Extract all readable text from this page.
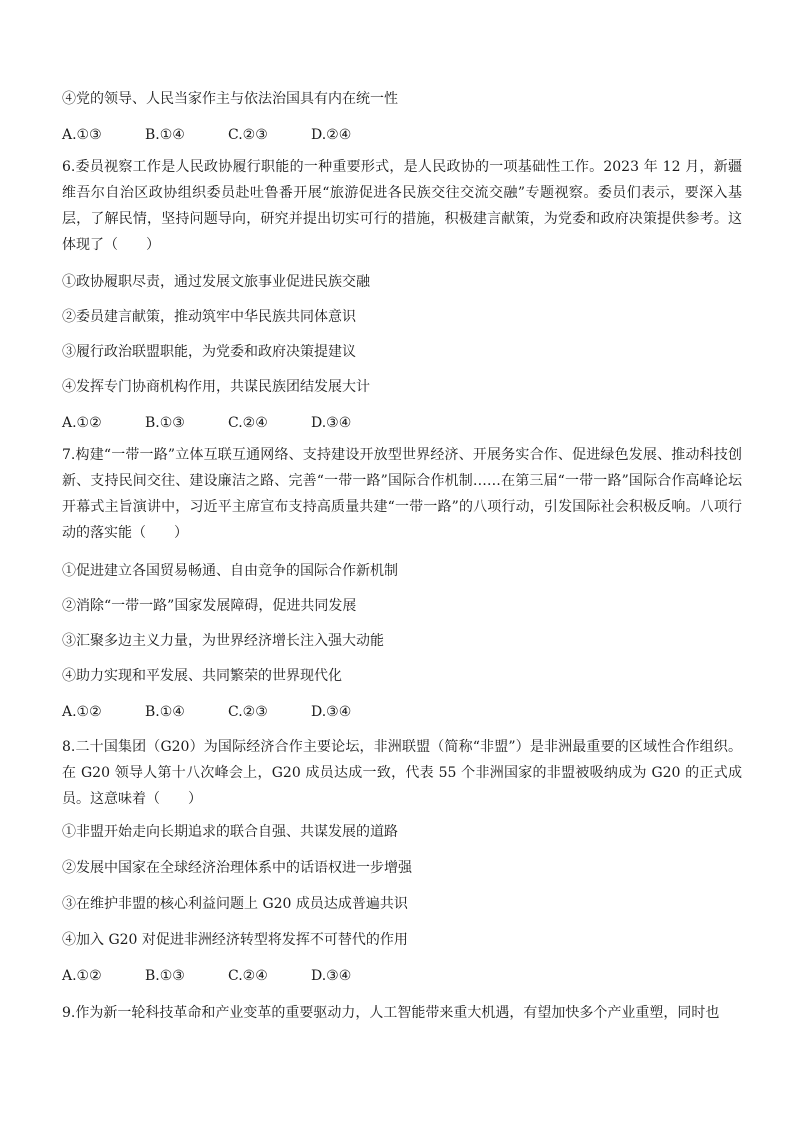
④党的领导、人民当家作主与依法治国具有内在统一性
A.①③	B.①④	C.②③	D.②④
6.委员视察工作是人民政协履行职能的一种重要形式，是人民政协的一项基础性工作。2023 年 12 月，新疆维吾尔自治区政协组织委员赴吐鲁番开展“旅游促进各民族交往交流交融”专题视察。委员们表示，要深入基层，了解民情，坚持问题导向，研究并提出切实可行的措施，积极建言献策，为党委和政府决策提供参考。这体现了（　　）
①政协履职尽责，通过发展文旅事业促进民族交融
②委员建言献策，推动筑牢中华民族共同体意识
③履行政治联盟职能，为党委和政府决策提建议
④发挥专门协商机构作用，共谋民族团结发展大计
A.①②	B.①③	C.②④	D.③④
7.构建“一带一路”立体互联互通网络、支持建设开放型世界经济、开展务实合作、促进绿色发展、推动科技创新、支持民间交往、建设廉洁之路、完善“一带一路”国际合作机制……在第三届“一带一路”国际合作高峰论坛开幕式主旨演讲中，习近平主席宣布支持高质量共建“一带一路”的八项行动，引发国际社会积极反响。八项行动的落实能（　　）
①促进建立各国贸易畅通、自由竞争的国际合作新机制
②消除“一带一路”国家发展障碍，促进共同发展
③汇聚多边主义力量，为世界经济增长注入强大动能
④助力实现和平发展、共同繁荣的世界现代化
A.①②	B.①④	C.②③	D.③④
8.二十国集团（G20）为国际经济合作主要论坛，非洲联盟（简称“非盟”）是非洲最重要的区域性合作组织。在 G20 领导人第十八次峰会上，G20 成员达成一致，代表 55 个非洲国家的非盟被吸纳成为 G20 的正式成员。这意味着（　　）
①非盟开始走向长期追求的联合自强、共谋发展的道路
②发展中国家在全球经济治理体系中的话语权进一步增强
③在维护非盟的核心利益问题上 G20 成员达成普遍共识
④加入 G20 对促进非洲经济转型将发挥不可替代的作用
A.①②	B.①③	C.②④	D.③④
9.作为新一轮科技革命和产业变革的重要驱动力，人工智能带来重大机遇，有望加快多个产业重塑，同时也
